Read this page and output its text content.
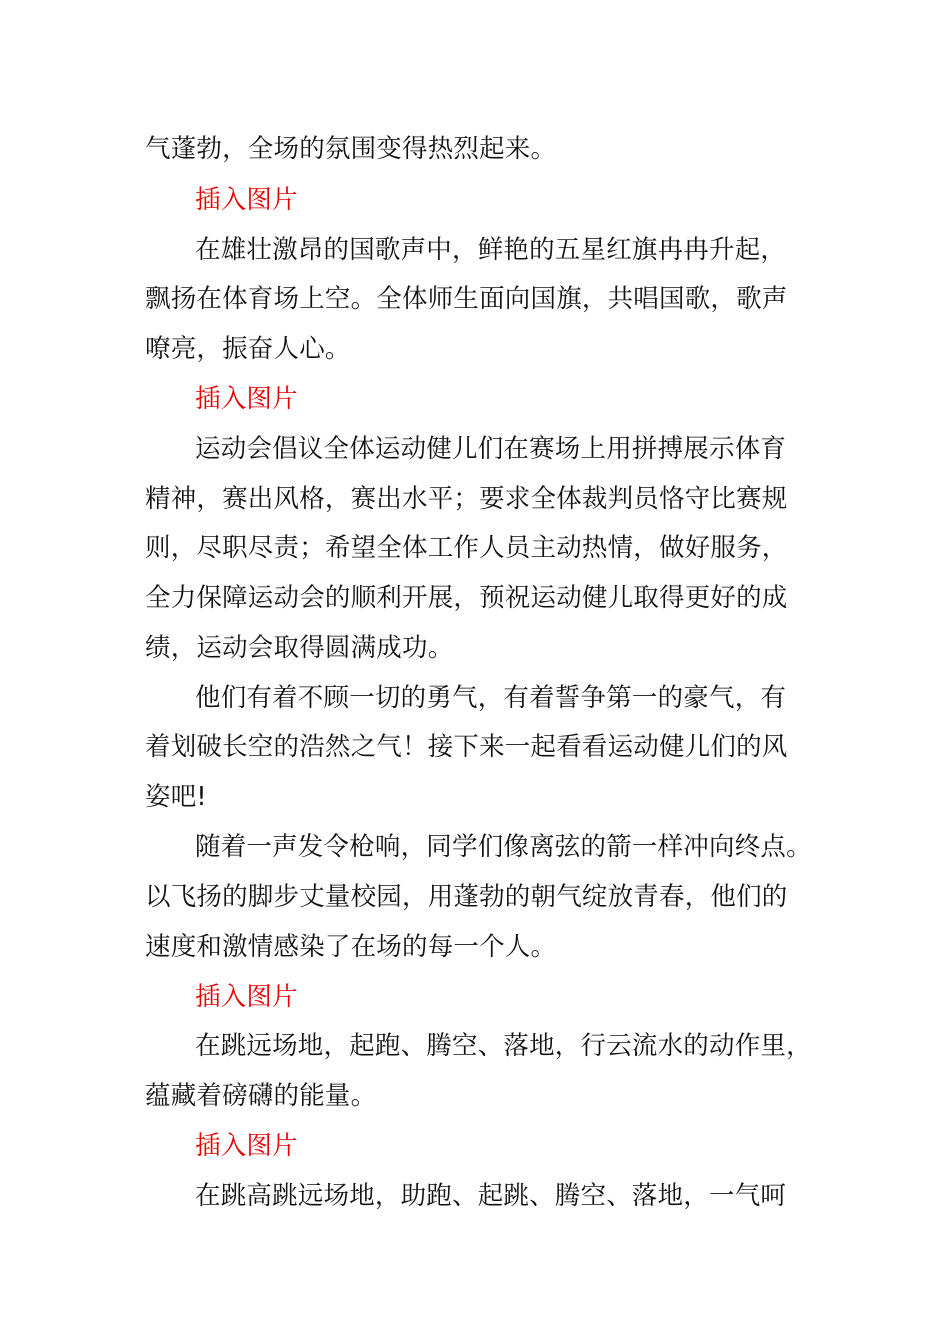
气蓬勃，全场的氛围变得热烈起来。
插入图片
在雄壮激昂的国歌声中，鲜艳的五星红旗冉冉升起，
飘扬在体育场上空。全体师生面向国旗，共唱国歌，歌声
嘹亮，振奋人心。
插入图片
运动会倡议全体运动健儿们在赛场上用拼搏展示体育
精神，赛出风格，赛出水平；要求全体裁判员恪守比赛规
则，尽职尽责；希望全体工作人员主动热情，做好服务，
全力保障运动会的顺利开展，预祝运动健儿取得更好的成
绩，运动会取得圆满成功。
他们有着不顾一切的勇气，有着誓争第一的豪气，有
着划破长空的浩然之气！接下来一起看看运动健儿们的风
姿吧!
随着一声发令枪响，同学们像离弦的箭一样冲向终点。
以飞扬的脚步丈量校园，用蓬勃的朝气绽放青春，他们的
速度和激情感染了在场的每一个人。
插入图片
在跳远场地，起跑、腾空、落地，行云流水的动作里，
蕴藏着磅礴的能量。
插入图片
在跳高跳远场地，助跑、起跳、腾空、落地，一气呵
